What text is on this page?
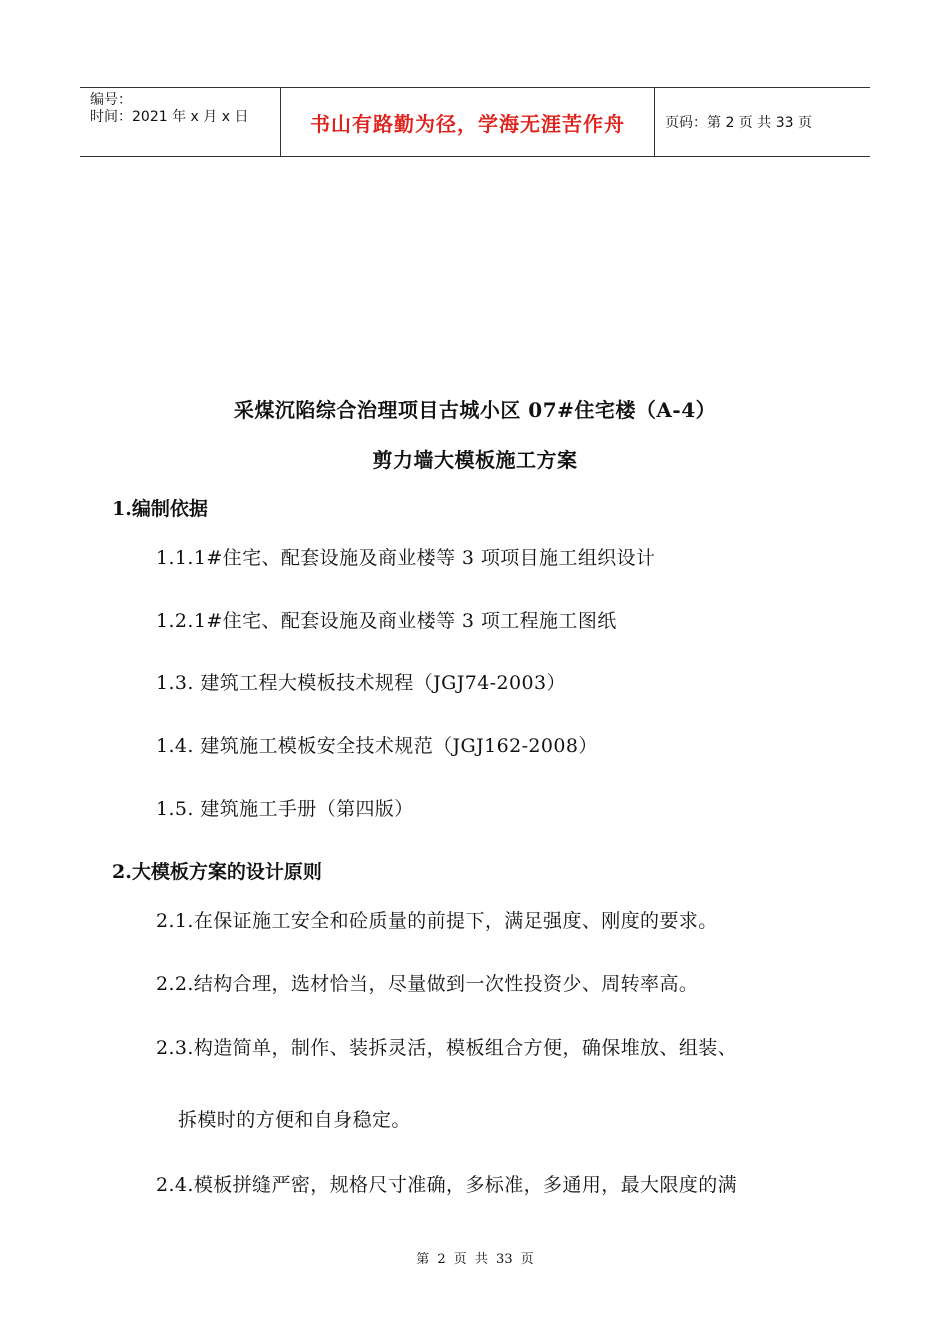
编号：
时间：2021 年 x 月 x 日	书山有路勤为径，学海无涯苦作舟	页码：第 2 页 共 33 页
采煤沉陷综合治理项目古城小区 07#住宅楼（A-4）
剪力墙大模板施工方案
1.编制依据
1.1.1#住宅、配套设施及商业楼等 3 项项目施工组织设计
1.2.1#住宅、配套设施及商业楼等 3 项工程施工图纸
1.3. 建筑工程大模板技术规程（JGJ74-2003）
1.4. 建筑施工模板安全技术规范（JGJ162-2008）
1.5. 建筑施工手册（第四版）
2.大模板方案的设计原则
2.1.在保证施工安全和砼质量的前提下，满足强度、刚度的要求。
2.2.结构合理，选材恰当，尽量做到一次性投资少、周转率高。
2.3.构造简单，制作、装拆灵活，模板组合方便，确保堆放、组装、
拆模时的方便和自身稳定。
2.4.模板拼缝严密，规格尺寸准确，多标准，多通用，最大限度的满
第 2 页 共 33 页
